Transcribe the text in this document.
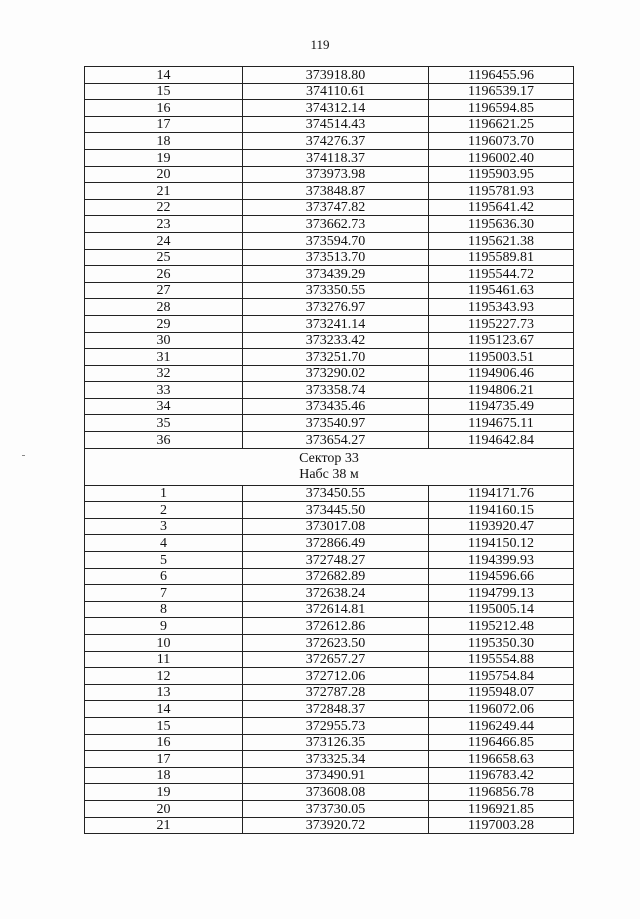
119
14	373918.80	1196455.96
15	374110.61	1196539.17
16	374312.14	1196594.85
17	374514.43	1196621.25
18	374276.37	1196073.70
19	374118.37	1196002.40
20	373973.98	1195903.95
21	373848.87	1195781.93
22	373747.82	1195641.42
23	373662.73	1195636.30
24	373594.70	1195621.38
25	373513.70	1195589.81
26	373439.29	1195544.72
27	373350.55	1195461.63
28	373276.97	1195343.93
29	373241.14	1195227.73
30	373233.42	1195123.67
31	373251.70	1195003.51
32	373290.02	1194906.46
33	373358.74	1194806.21
34	373435.46	1194735.49
35	373540.97	1194675.11
36	373654.27	1194642.84

Сектор 33
Набс 38 м		

1	373450.55	1194171.76
2	373445.50	1194160.15
3	373017.08	1193920.47
4	372866.49	1194150.12
5	372748.27	1194399.93
6	372682.89	1194596.66
7	372638.24	1194799.13
8	372614.81	1195005.14
9	372612.86	1195212.48
10	372623.50	1195350.30
11	372657.27	1195554.88
12	372712.06	1195754.84
13	372787.28	1195948.07
14	372848.37	1196072.06
15	372955.73	1196249.44
16	373126.35	1196466.85
17	373325.34	1196658.63
18	373490.91	1196783.42
19	373608.08	1196856.78
20	373730.05	1196921.85
21	373920.72	1197003.28
